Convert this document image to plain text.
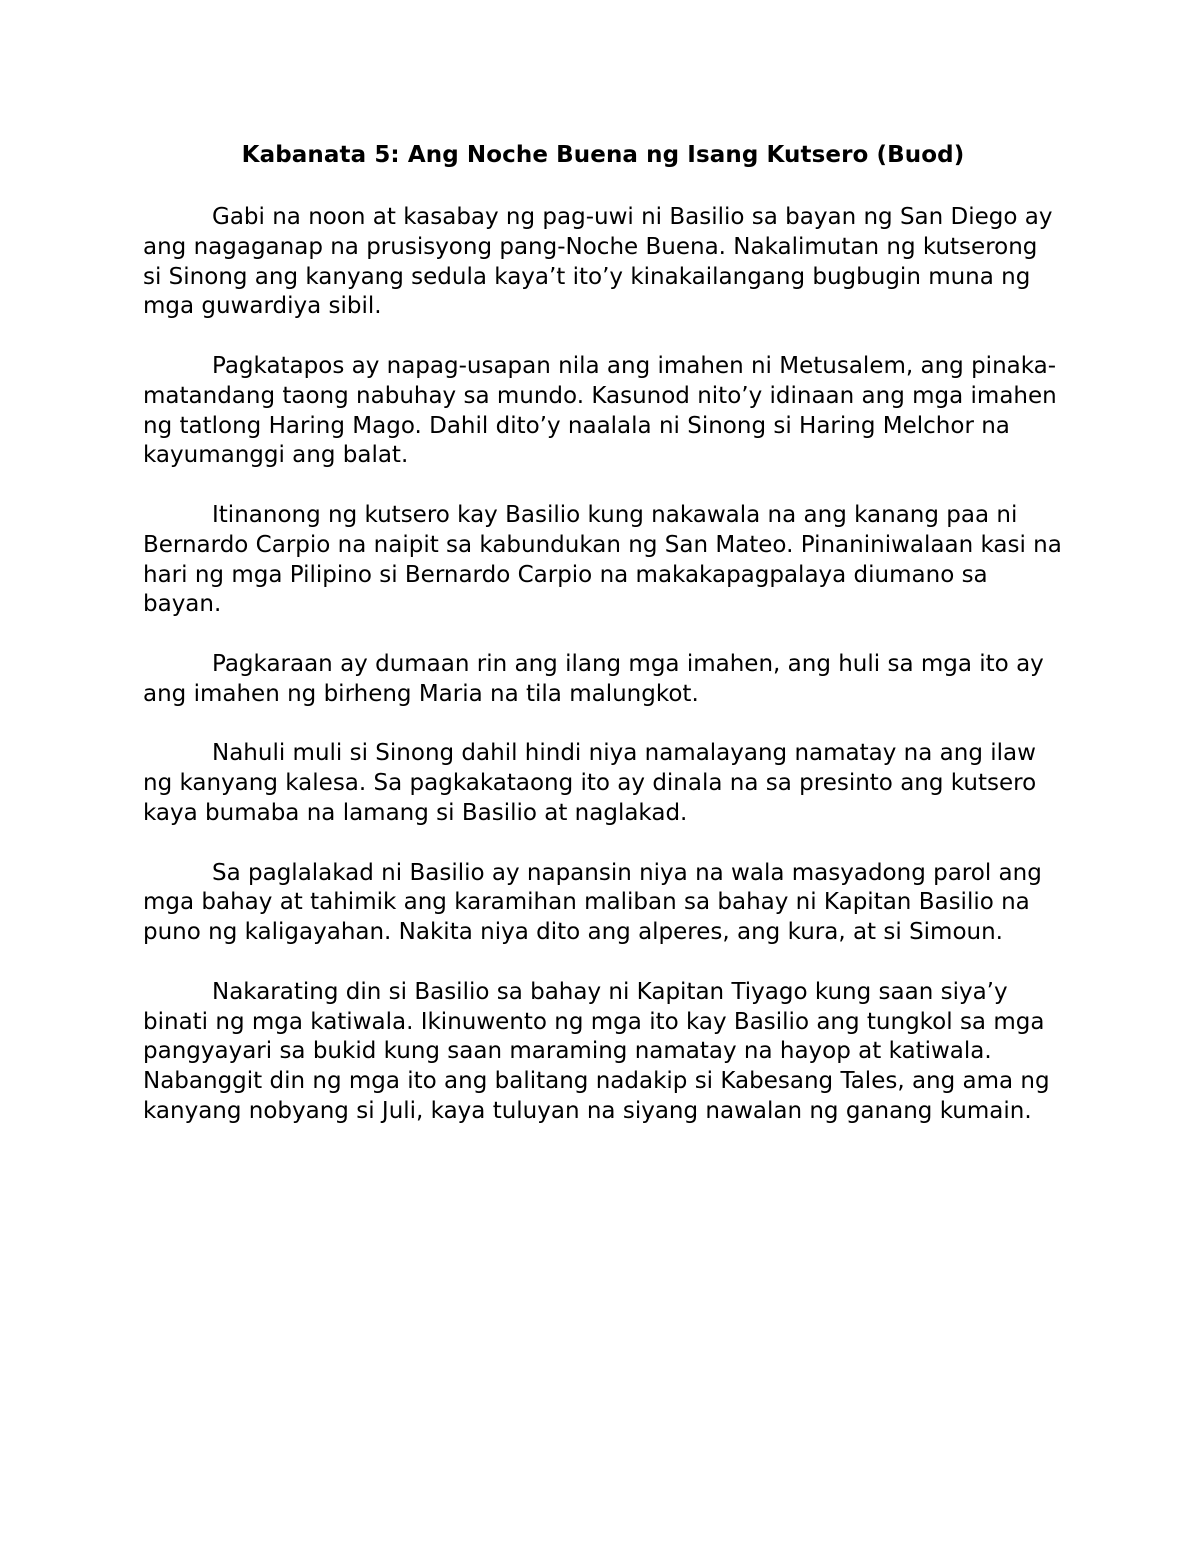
Kabanata 5: Ang Noche Buena ng Isang Kutsero (Buod)

Gabi na noon at kasabay ng pag-uwi ni Basilio sa bayan ng San Diego ay ang nagaganap na prusisyong pang-Noche Buena. Nakalimutan ng kutserong si Sinong ang kanyang sedula kaya’t ito’y kinakailangang bugbugin muna ng mga guwardiya sibil.

Pagkatapos ay napag-usapan nila ang imahen ni Metusalem, ang pinaka-matandang taong nabuhay sa mundo. Kasunod nito’y idinaan ang mga imahen ng tatlong Haring Mago. Dahil dito’y naalala ni Sinong si Haring Melchor na kayumanggi ang balat.

Itinanong ng kutsero kay Basilio kung nakawala na ang kanang paa ni Bernardo Carpio na naipit sa kabundukan ng San Mateo. Pinaniniwalaan kasi na hari ng mga Pilipino si Bernardo Carpio na makakapagpalaya diumano sa bayan.

Pagkaraan ay dumaan rin ang ilang mga imahen, ang huli sa mga ito ay ang imahen ng birheng Maria na tila malungkot.

Nahuli muli si Sinong dahil hindi niya namalayang namatay na ang ilaw ng kanyang kalesa. Sa pagkakataong ito ay dinala na sa presinto ang kutsero kaya bumaba na lamang si Basilio at naglakad.

Sa paglalakad ni Basilio ay napansin niya na wala masyadong parol ang mga bahay at tahimik ang karamihan maliban sa bahay ni Kapitan Basilio na puno ng kaligayahan. Nakita niya dito ang alperes, ang kura, at si Simoun.

Nakarating din si Basilio sa bahay ni Kapitan Tiyago kung saan siya’y binati ng mga katiwala. Ikinuwento ng mga ito kay Basilio ang tungkol sa mga pangyayari sa bukid kung saan maraming namatay na hayop at katiwala. Nabanggit din ng mga ito ang balitang nadakip si Kabesang Tales, ang ama ng kanyang nobyang si Juli, kaya tuluyan na siyang nawalan ng ganang kumain.
